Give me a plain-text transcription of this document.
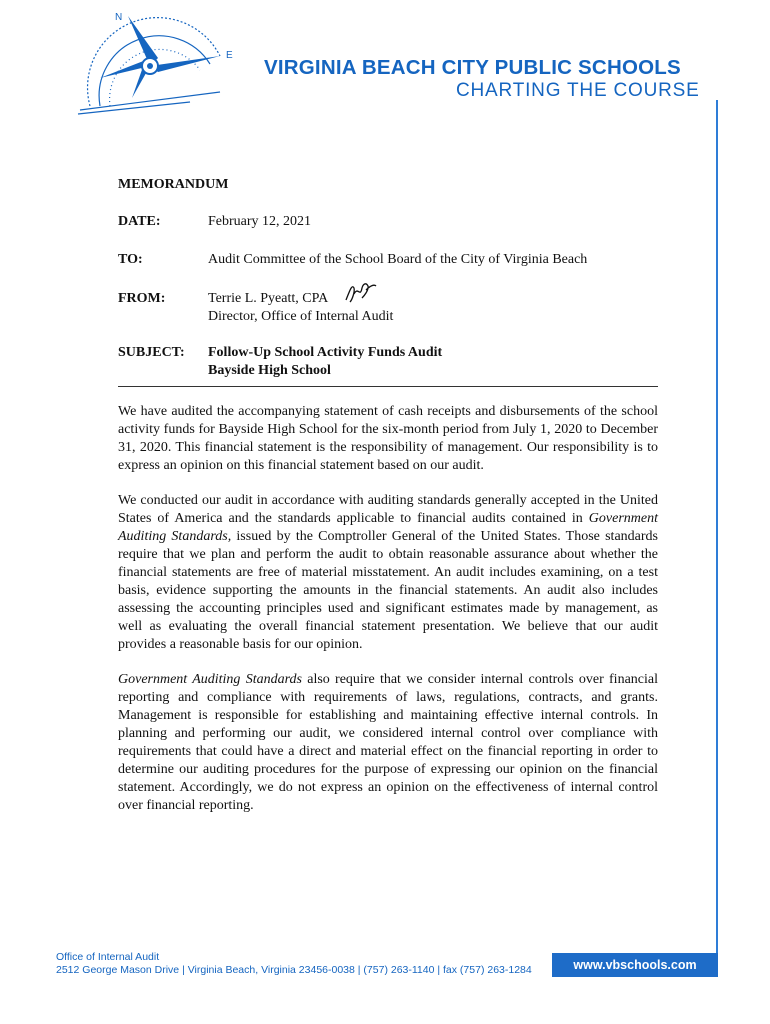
N
E
VIRGINIA BEACH CITY PUBLIC SCHOOLS
CHARTING THE COURSE
MEMORANDUM
DATE:	February 12, 2021
TO:	Audit Committee of the School Board of the City of Virginia Beach
FROM:	Terrie L. Pyeatt, CPA
Director, Office of Internal Audit
SUBJECT: Follow-Up School Activity Funds Audit
Bayside High School

We have audited the accompanying statement of cash receipts and disbursements of the school activity funds for Bayside High School for the six-month period from July 1, 2020 to December 31, 2020. This financial statement is the responsibility of management. Our responsibility is to express an opinion on this financial statement based on our audit.

We conducted our audit in accordance with auditing standards generally accepted in the United States of America and the standards applicable to financial audits contained in Government Auditing Standards, issued by the Comptroller General of the United States. Those standards require that we plan and perform the audit to obtain reasonable assurance about whether the financial statements are free of material misstatement. An audit includes examining, on a test basis, evidence supporting the amounts in the financial statements. An audit also includes assessing the accounting principles used and significant estimates made by management, as well as evaluating the overall financial statement presentation. We believe that our audit provides a reasonable basis for our opinion.

Government Auditing Standards also require that we consider internal controls over financial reporting and compliance with requirements of laws, regulations, contracts, and grants. Management is responsible for establishing and maintaining effective internal controls. In planning and performing our audit, we considered internal control over compliance with requirements that could have a direct and material effect on the financial reporting in order to determine our auditing procedures for the purpose of expressing our opinion on the financial statement. Accordingly, we do not express an opinion on the effectiveness of internal control over financial reporting.

Office of Internal Audit
2512 George Mason Drive | Virginia Beach, Virginia 23456-0038 | (757) 263-1140 | fax (757) 263-1284	www.vbschools.com
